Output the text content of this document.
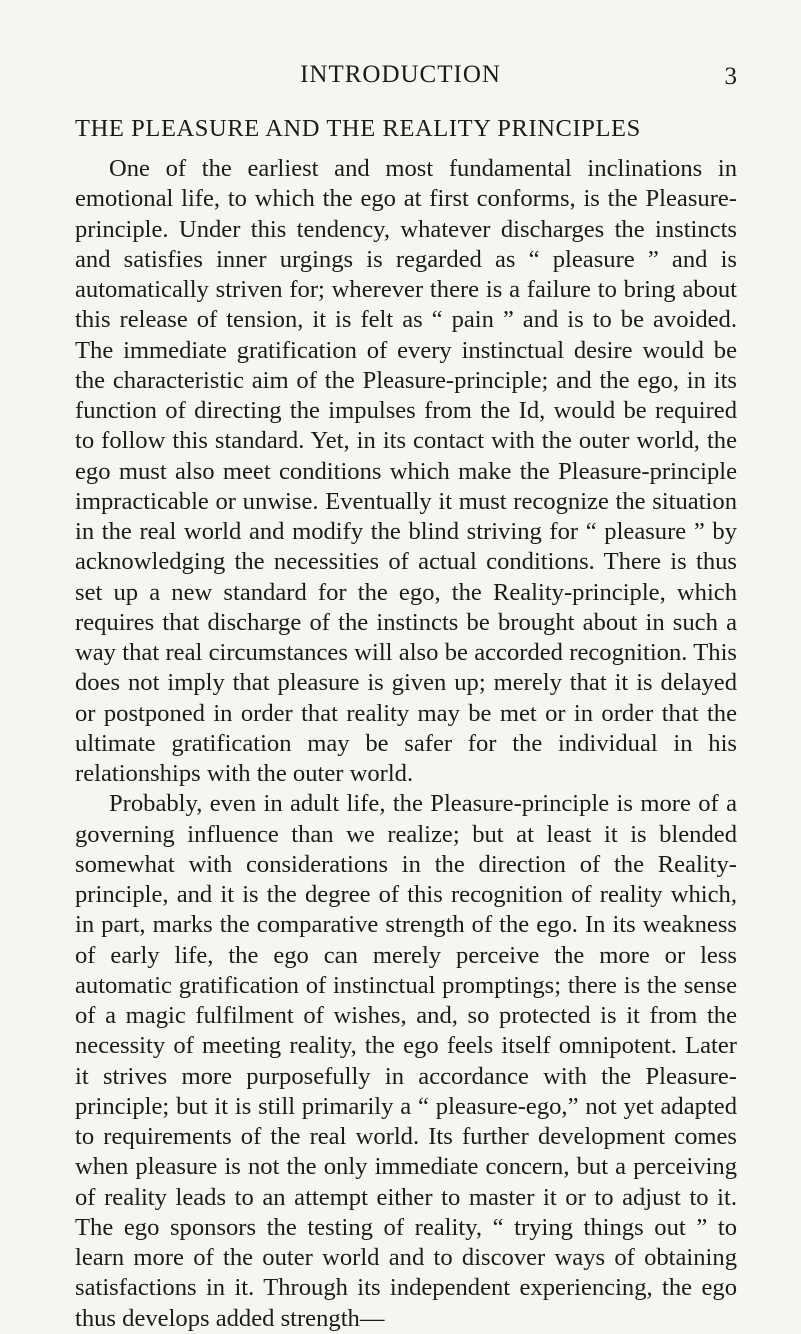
INTRODUCTION	3
THE PLEASURE AND THE REALITY PRINCIPLES

One of the earliest and most fundamental inclinations in emotional life, to which the ego at first conforms, is the Pleasure-principle. Under this tendency, whatever discharges the instincts and satisfies inner urgings is regarded as “ pleasure ” and is automatically striven for; wherever there is a failure to bring about this release of tension, it is felt as “ pain ” and is to be avoided. The immediate gratification of every instinctual desire would be the characteristic aim of the Pleasure-principle; and the ego, in its function of directing the impulses from the Id, would be required to follow this standard. Yet, in its contact with the outer world, the ego must also meet conditions which make the Pleasure-principle impracticable or unwise. Eventually it must recognize the situation in the real world and modify the blind striving for “ pleasure ” by acknowledging the necessities of actual conditions. There is thus set up a new standard for the ego, the Reality-principle, which requires that discharge of the instincts be brought about in such a way that real circumstances will also be accorded recognition. This does not imply that pleasure is given up; merely that it is delayed or postponed in order that reality may be met or in order that the ultimate gratification may be safer for the individual in his relationships with the outer world.

Probably, even in adult life, the Pleasure-principle is more of a governing influence than we realize; but at least it is blended somewhat with considerations in the direction of the Reality-principle, and it is the degree of this recognition of reality which, in part, marks the comparative strength of the ego. In its weakness of early life, the ego can merely perceive the more or less automatic gratification of instinctual promptings; there is the sense of a magic fulfilment of wishes, and, so protected is it from the necessity of meeting reality, the ego feels itself omnipotent. Later it strives more purposefully in accordance with the Pleasure-principle; but it is still primarily a “ pleasure-ego,” not yet adapted to requirements of the real world. Its further development comes when pleasure is not the only immediate concern, but a perceiving of reality leads to an attempt either to master it or to adjust to it. The ego sponsors the testing of reality, “ trying things out ” to learn more of the outer world and to discover ways of obtaining satisfactions in it. Through its independent experiencing, the ego thus develops added strength—
